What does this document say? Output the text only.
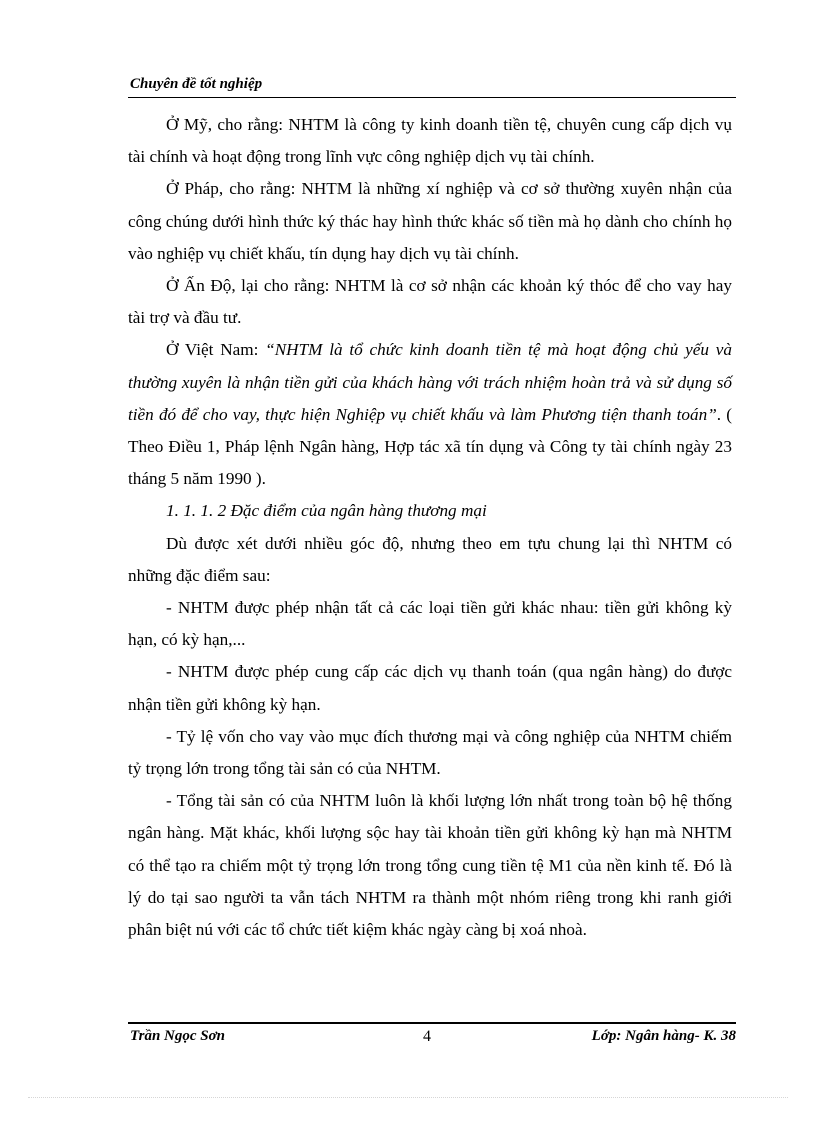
Chuyên đề tốt nghiệp

Ở Mỹ, cho rằng: NHTM là công ty kinh doanh tiền tệ, chuyên cung cấp dịch vụ tài chính và hoạt động trong lĩnh vực công nghiệp dịch vụ tài chính.

Ở Pháp, cho rằng: NHTM là những xí nghiệp và cơ sở thường xuyên nhận của công chúng dưới hình thức ký thác hay hình thức khác số tiền mà họ dành cho chính họ vào nghiệp vụ chiết khấu, tín dụng hay dịch vụ tài chính.

Ở Ấn Độ, lại cho rằng: NHTM là cơ sở nhận các khoản ký thóc để cho vay hay tài trợ và đầu tư.

Ở Việt Nam: “NHTM là tổ chức kinh doanh tiền tệ mà hoạt động chủ yếu và thường xuyên là nhận tiền gửi của khách hàng với trách nhiệm hoàn trả và sử dụng số tiền đó để cho vay, thực hiện Nghiệp vụ chiết khấu và làm Phương tiện thanh toán”. ( Theo Điều 1, Pháp lệnh Ngân hàng, Hợp tác xã tín dụng và Công ty tài chính ngày 23 tháng 5 năm 1990 ).

1. 1. 1. 2 Đặc điểm của ngân hàng thương mại

Dù được xét dưới nhiều góc độ, nhưng theo em tựu chung lại thì NHTM có những đặc điểm sau:

- NHTM được phép nhận tất cả các loại tiền gửi khác nhau: tiền gửi không kỳ hạn, có kỳ hạn,...

- NHTM được phép cung cấp các dịch vụ thanh toán (qua ngân hàng) do được nhận tiền gửi không kỳ hạn.

- Tỷ lệ vốn cho vay vào mục đích thương mại và công nghiệp của NHTM chiếm tỷ trọng lớn trong tổng tài sản có của NHTM.

- Tổng tài sản có của NHTM luôn là khối lượng lớn nhất trong toàn bộ hệ thống ngân hàng. Mặt khác, khối lượng sộc hay tài khoản tiền gửi không kỳ hạn mà NHTM có thể tạo ra chiếm một tỷ trọng lớn trong tổng cung tiền tệ M1 của nền kinh tế. Đó là lý do tại sao người ta vẫn tách NHTM ra thành một nhóm riêng trong khi ranh giới phân biệt nú với các tổ chức tiết kiệm khác ngày càng bị xoá nhoà.

Trần Ngọc Sơn	4	Lớp: Ngân hàng- K. 38
